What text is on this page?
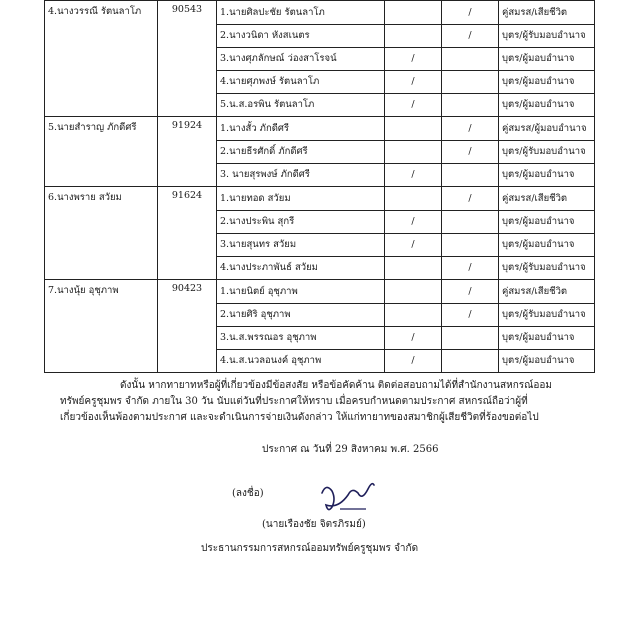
4.นางวรรณี รัตนลาโภ	90543	1.นายศิลปะชัย รัตนลาโภ		/	คู่สมรส/เสียชีวิต
		2.นางวนิดา หังสเนตร		/	บุตร/ผู้รับมอบอำนาจ
		3.นางศุภลักษณ์ ว่องสาโรจน์	/		บุตร/ผู้มอบอำนาจ
		4.นายศุภพงษ์ รัตนลาโภ	/		บุตร/ผู้มอบอำนาจ
		5.น.ส.อรพิน รัตนลาโภ	/		บุตร/ผู้มอบอำนาจ
5.นายสำราญ ภักดีศรี	91924	1.นางสั้ว ภักดีศรี		/	คู่สมรส/ผู้มอบอำนาจ
		2.นายธีรศักดิ์ ภักดีศรี		/	บุตร/ผู้รับมอบอำนาจ
		3. นายสุรพงษ์ ภักดีศรี	/		บุตร/ผู้มอบอำนาจ
6.นางพราย สวัยม	91624	1.นายทอด สวัยม		/	คู่สมรส/เสียชีวิต
		2.นางประพิน สุกรี	/		บุตร/ผู้มอบอำนาจ
		3.นายสุนทร สวัยม	/		บุตร/ผู้มอบอำนาจ
		4.นางประภาพันธ์ สวัยม		/	บุตร/ผู้รับมอบอำนาจ
7.นางนุ้ย อุชุภาพ	90423	1.นายนิตย์ อุชุภาพ		/	คู่สมรส/เสียชีวิต
		2.นายศิริ อุชุภาพ		/	บุตร/ผู้รับมอบอำนาจ
		3.น.ส.พรรณอร อุชุภาพ	/		บุตร/ผู้มอบอำนาจ
		4.น.ส.นวลอนงค์ อุชุภาพ	/		บุตร/ผู้มอบอำนาจ
ดังนั้น หากทายาทหรือผู้ที่เกี่ยวข้องมีข้อสงสัย หรือข้อคัดค้าน ติดต่อสอบถามได้ที่สำนักงานสหกรณ์ออม
ทรัพย์ครูชุมพร จำกัด ภายใน 30 วัน นับแต่วันที่ประกาศให้ทราบ เมื่อครบกำหนดตามประกาศ สหกรณ์ถือว่าผู้ที่
เกี่ยวข้องเห็นพ้องตามประกาศ และจะดำเนินการจ่ายเงินดังกล่าว ให้แก่ทายาทของสมาชิกผู้เสียชีวิตที่ร้องขอต่อไป
ประกาศ ณ วันที่ 29 สิงหาคม พ.ศ. 2566
(ลงชื่อ)
(นายเรืองชัย จิตรภิรมย์)
ประธานกรรมการสหกรณ์ออมทรัพย์ครูชุมพร จำกัด
